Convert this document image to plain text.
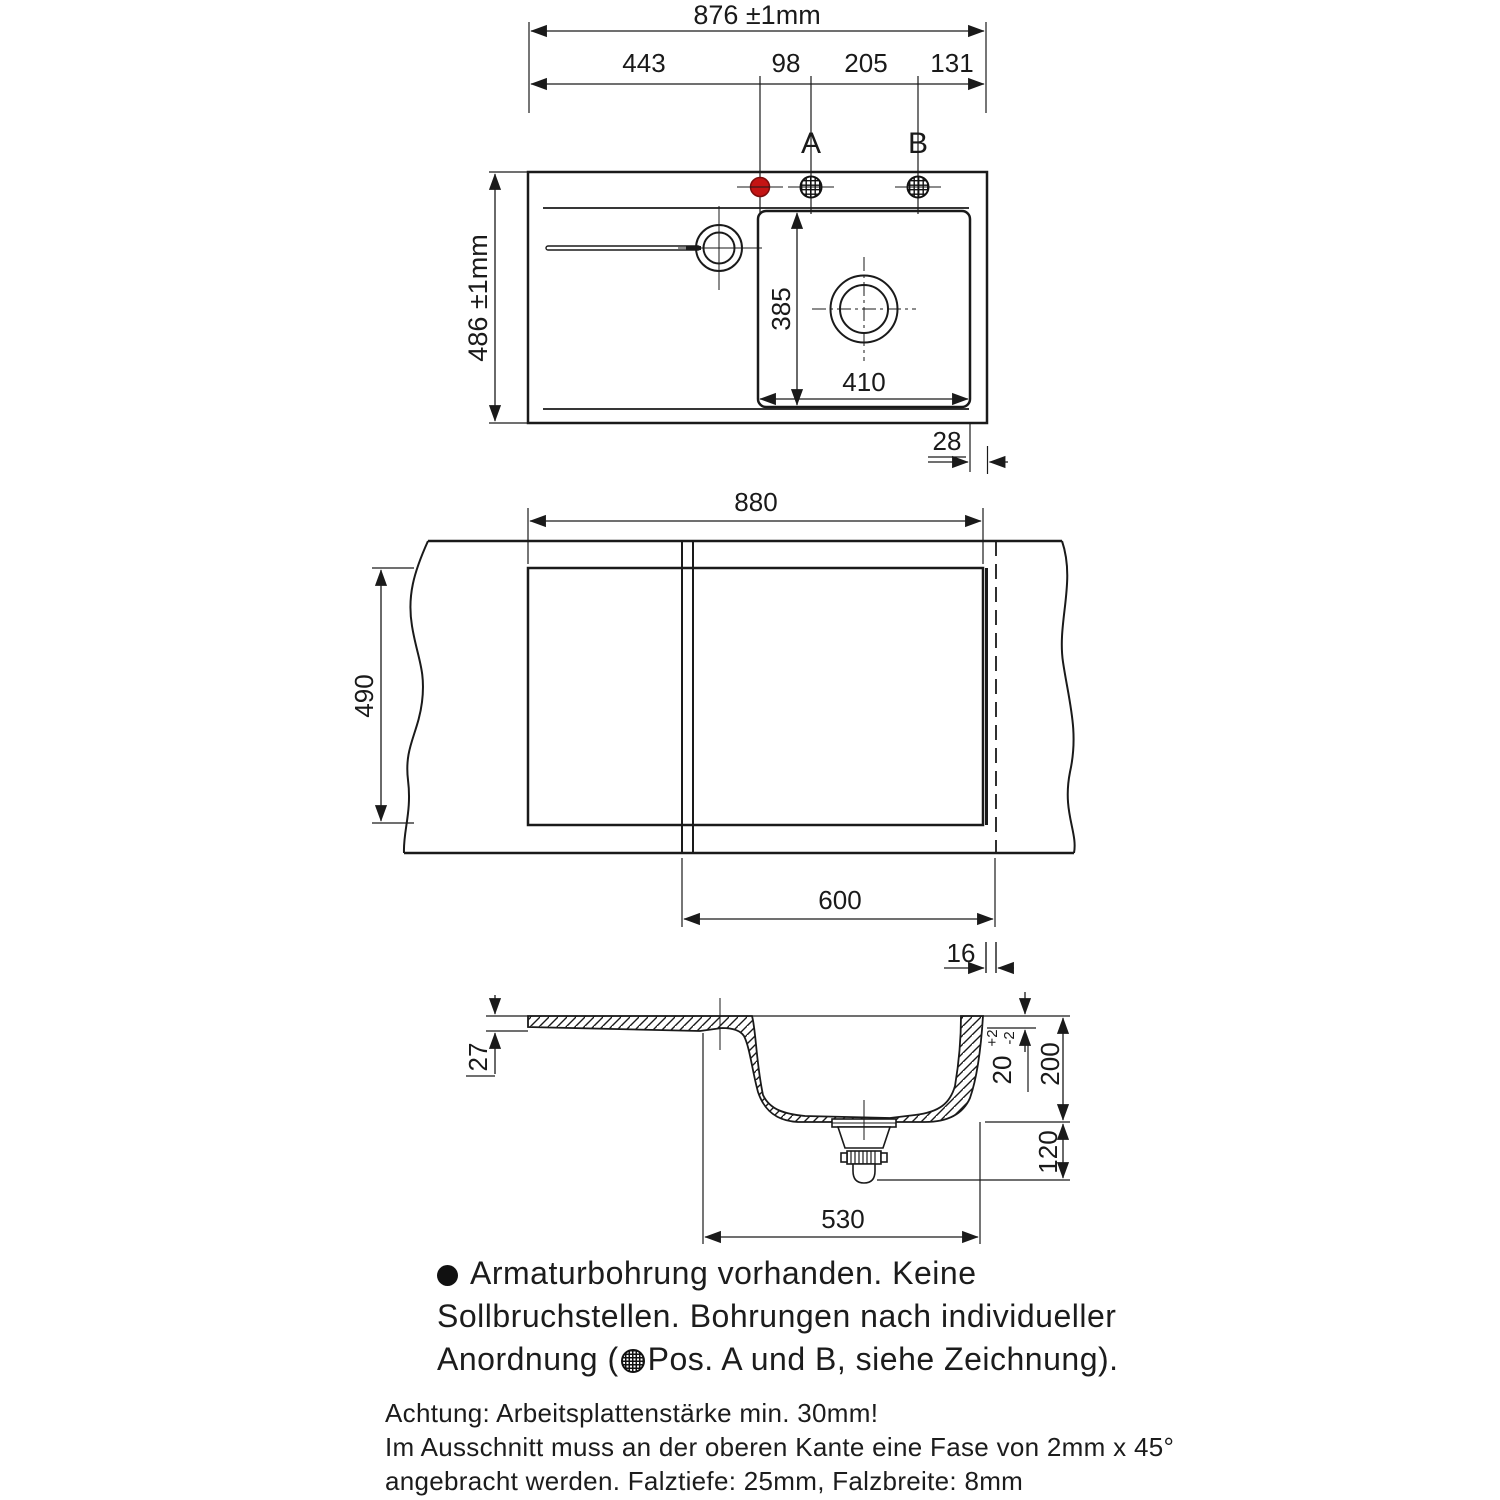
876 ±1mm
443	98 205 131
A	B
486 ±1mm	385
410
28
880
490
600
16
27	20
+2 -2
200
120
530
Armaturbohrung vorhanden. Keine
Sollbruchstellen. Bohrungen nach individueller
Anordnung ( Pos. A und B, siehe Zeichnung).
Achtung: Arbeitsplattenstärke min. 30mm!
Im Ausschnitt muss an der oberen Kante eine Fase von 2mm x 45°
angebracht werden. Falztiefe: 25mm, Falzbreite: 8mm
